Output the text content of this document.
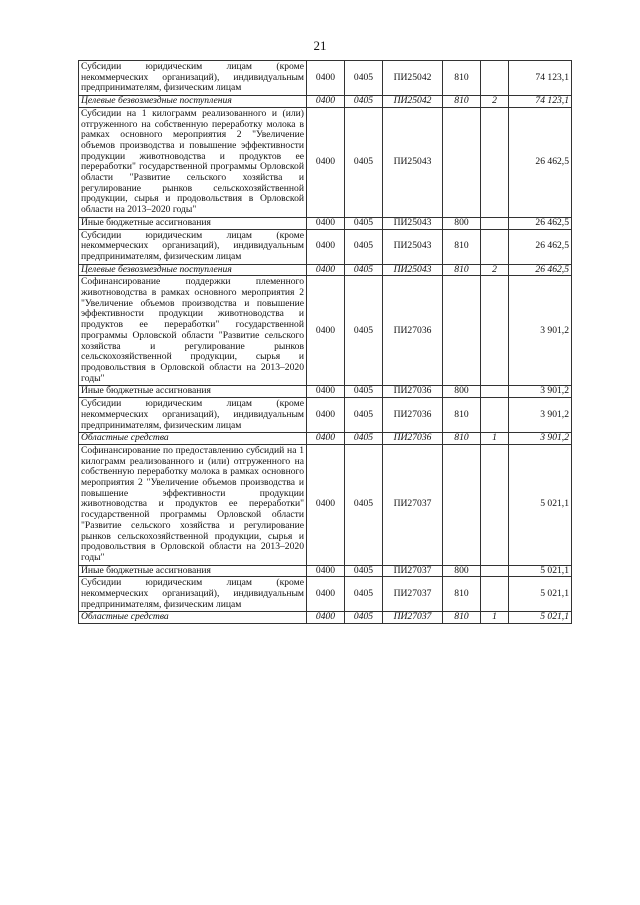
21
Субсидии юридическим лицам (кроме некоммерческих организаций), индивидуальным предпринимателям, физическим лицам	0400	0405	ПИ25042	810		74 123,1
Целевые безвозмездные поступления	0400	0405	ПИ25042	810	2	74 123,1
Субсидии на 1 килограмм реализованного и (или) отгруженного на собственную переработку молока в рамках основного мероприятия 2 "Увеличение объемов производства и повышение эффективности продукции животноводства и продуктов ее переработки" государственной программы Орловской области "Развитие сельского хозяйства и регулирование рынков сельскохозяйственной продукции, сырья и продовольствия в Орловской области на 2013–2020 годы"	0400	0405	ПИ25043			26 462,5
Иные бюджетные ассигнования	0400	0405	ПИ25043	800		26 462,5
Субсидии юридическим лицам (кроме некоммерческих организаций), индивидуальным предпринимателям, физическим лицам	0400	0405	ПИ25043	810		26 462,5
Целевые безвозмездные поступления	0400	0405	ПИ25043	810	2	26 462,5
Софинансирование поддержки племенного животноводства в рамках основного мероприятия 2 "Увеличение объемов производства и повышение эффективности продукции животноводства и продуктов ее переработки" государственной программы Орловской области "Развитие сельского хозяйства и регулирование рынков сельскохозяйственной продукции, сырья и продовольствия в Орловской области на 2013–2020 годы"	0400	0405	ПИ27036			3 901,2
Иные бюджетные ассигнования	0400	0405	ПИ27036	800		3 901,2
Субсидии юридическим лицам (кроме некоммерческих организаций), индивидуальным предпринимателям, физическим лицам	0400	0405	ПИ27036	810		3 901,2
Областные средства	0400	0405	ПИ27036	810	1	3 901,2
Софинансирование по предоставлению субсидий на 1 килограмм реализованного и (или) отгруженного на собственную переработку молока в рамках основного мероприятия 2 "Увеличение объемов производства и повышение эффективности продукции животноводства и продуктов ее переработки" государственной программы Орловской области "Развитие сельского хозяйства и регулирование рынков сельскохозяйственной продукции, сырья и продовольствия в Орловской области на 2013–2020 годы"	0400	0405	ПИ27037			5 021,1
Иные бюджетные ассигнования	0400	0405	ПИ27037	800		5 021,1
Субсидии юридическим лицам (кроме некоммерческих организаций), индивидуальным предпринимателям, физическим лицам	0400	0405	ПИ27037	810		5 021,1
Областные средства	0400	0405	ПИ27037	810	1	5 021,1
